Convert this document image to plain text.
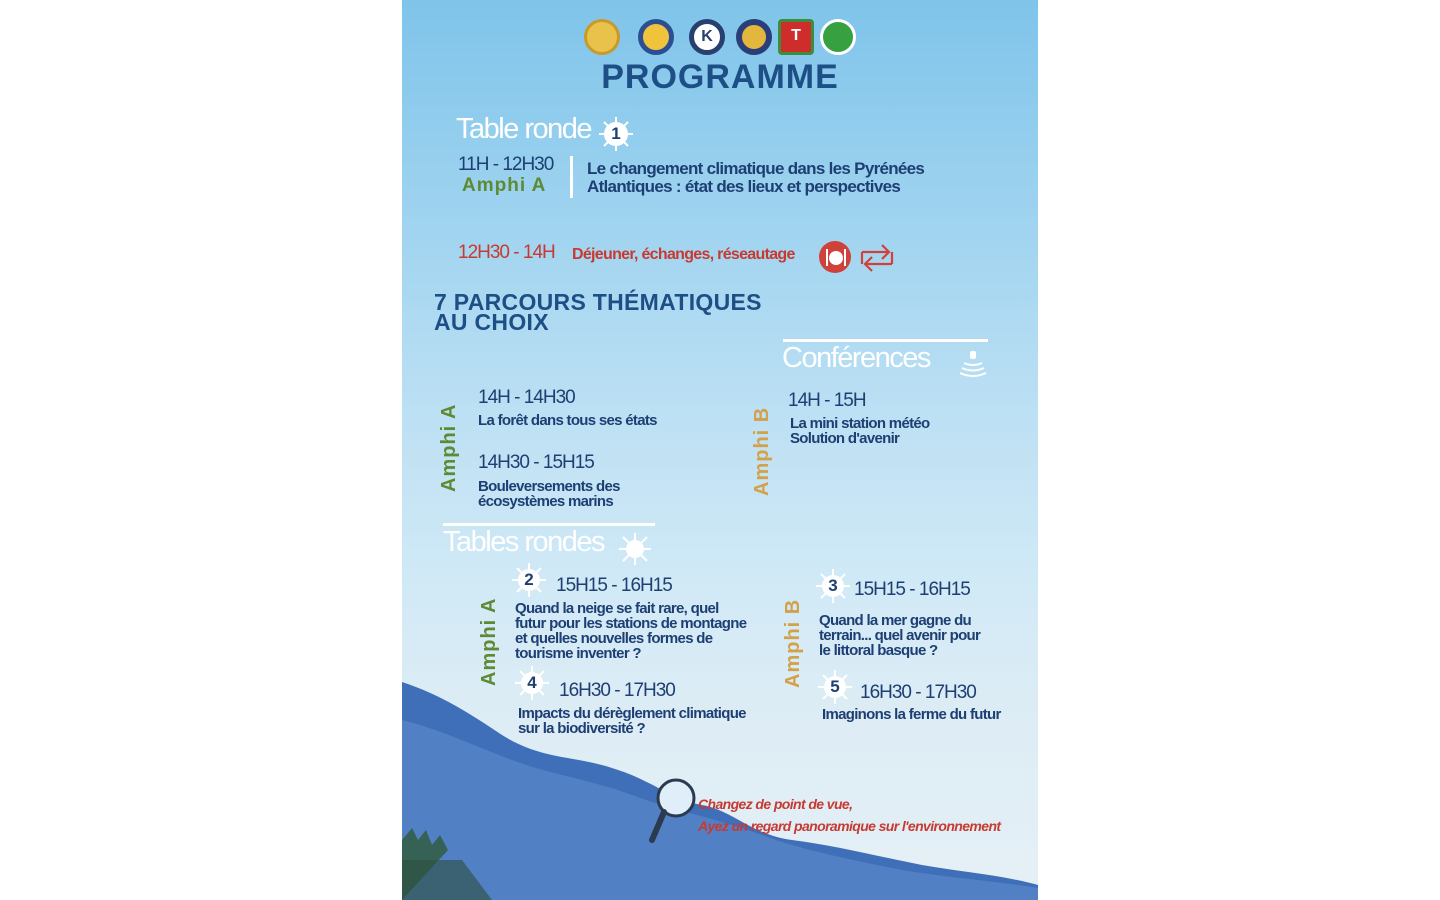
K	T
PROGRAMME
Table ronde	1
11H - 12H30
Amphi A
Le changement climatique dans les Pyrénées
Atlantiques : état des lieux et perspectives
12H30 - 14H Déjeuner, échanges, réseautage
7 PARCOURS THÉMATIQUES
AU CHOIX
Conférences
Amphi A
14H - 14H30
La forêt dans tous ses états
14H30 - 15H15
Bouleversements des
écosystèmes marins
Amphi B
14H - 15H
La mini station météo
Solution d'avenir
Tables rondes
Amphi A
2	15H15 - 16H15
Quand la neige se fait rare, quel
futur pour les stations de montagne
et quelles nouvelles formes de
tourisme inventer ?
4	16H30 - 17H30
Impacts du dérèglement climatique
sur la biodiversité ?
Amphi B
3 15H15 - 16H15
Quand la mer gagne du
terrain... quel avenir pour
le littoral basque ?
5	16H30 - 17H30
Imaginons la ferme du futur
Changez de point de vue,
Ayez un regard panoramique sur l'environnement
